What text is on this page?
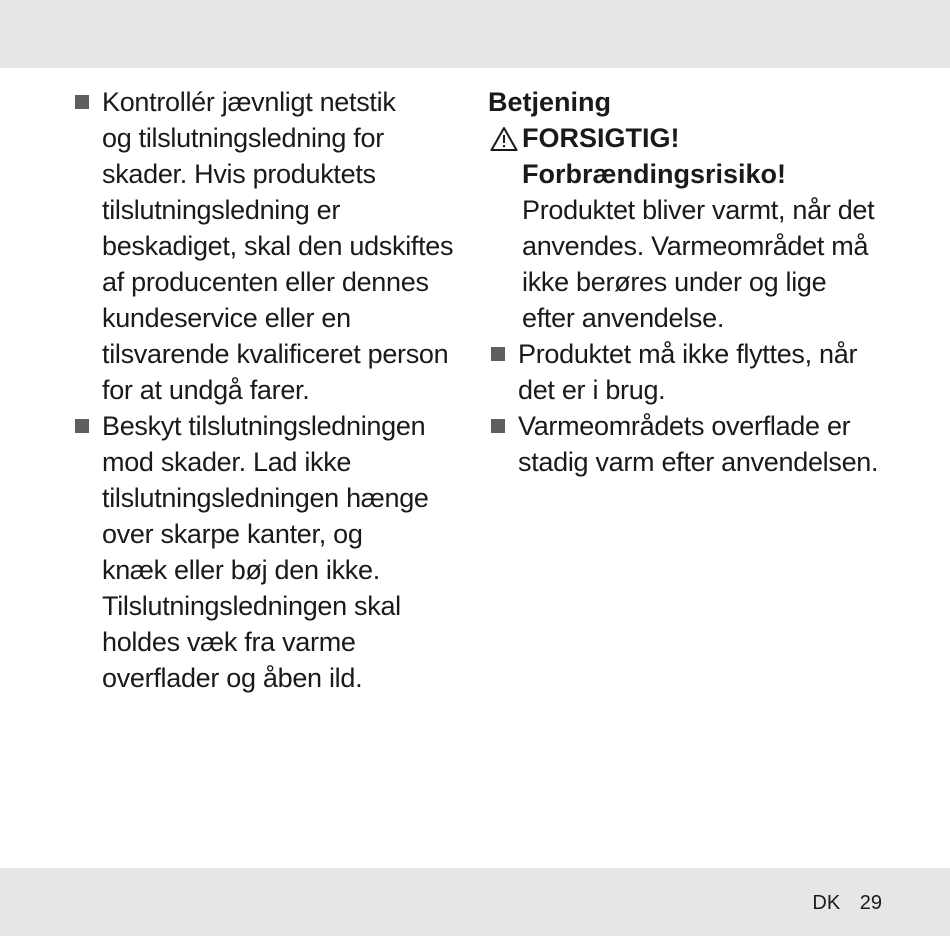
Kontrollér jævnligt netstik
og tilslutningsledning for
skader. Hvis produktets
tilslutningsledning er
beskadiget, skal den udskiftes
af producenten eller dennes
kundeservice eller en
tilsvarende kvalificeret person
for at undgå farer.

Beskyt tilslutningsledningen
mod skader. Lad ikke
tilslutningsledningen hænge
over skarpe kanter, og
knæk eller bøj den ikke.
Tilslutningsledningen skal
holdes væk fra varme
overflader og åben ild.

Betjening

FORSIGTIG!
Forbrændingsrisiko!
Produktet bliver varmt, når det
anvendes. Varmeområdet må
ikke berøres under og lige
efter anvendelse.

Produktet må ikke flyttes, når
det er i brug.

Varmeområdets overflade er
stadig varm efter anvendelsen.

DK 29
